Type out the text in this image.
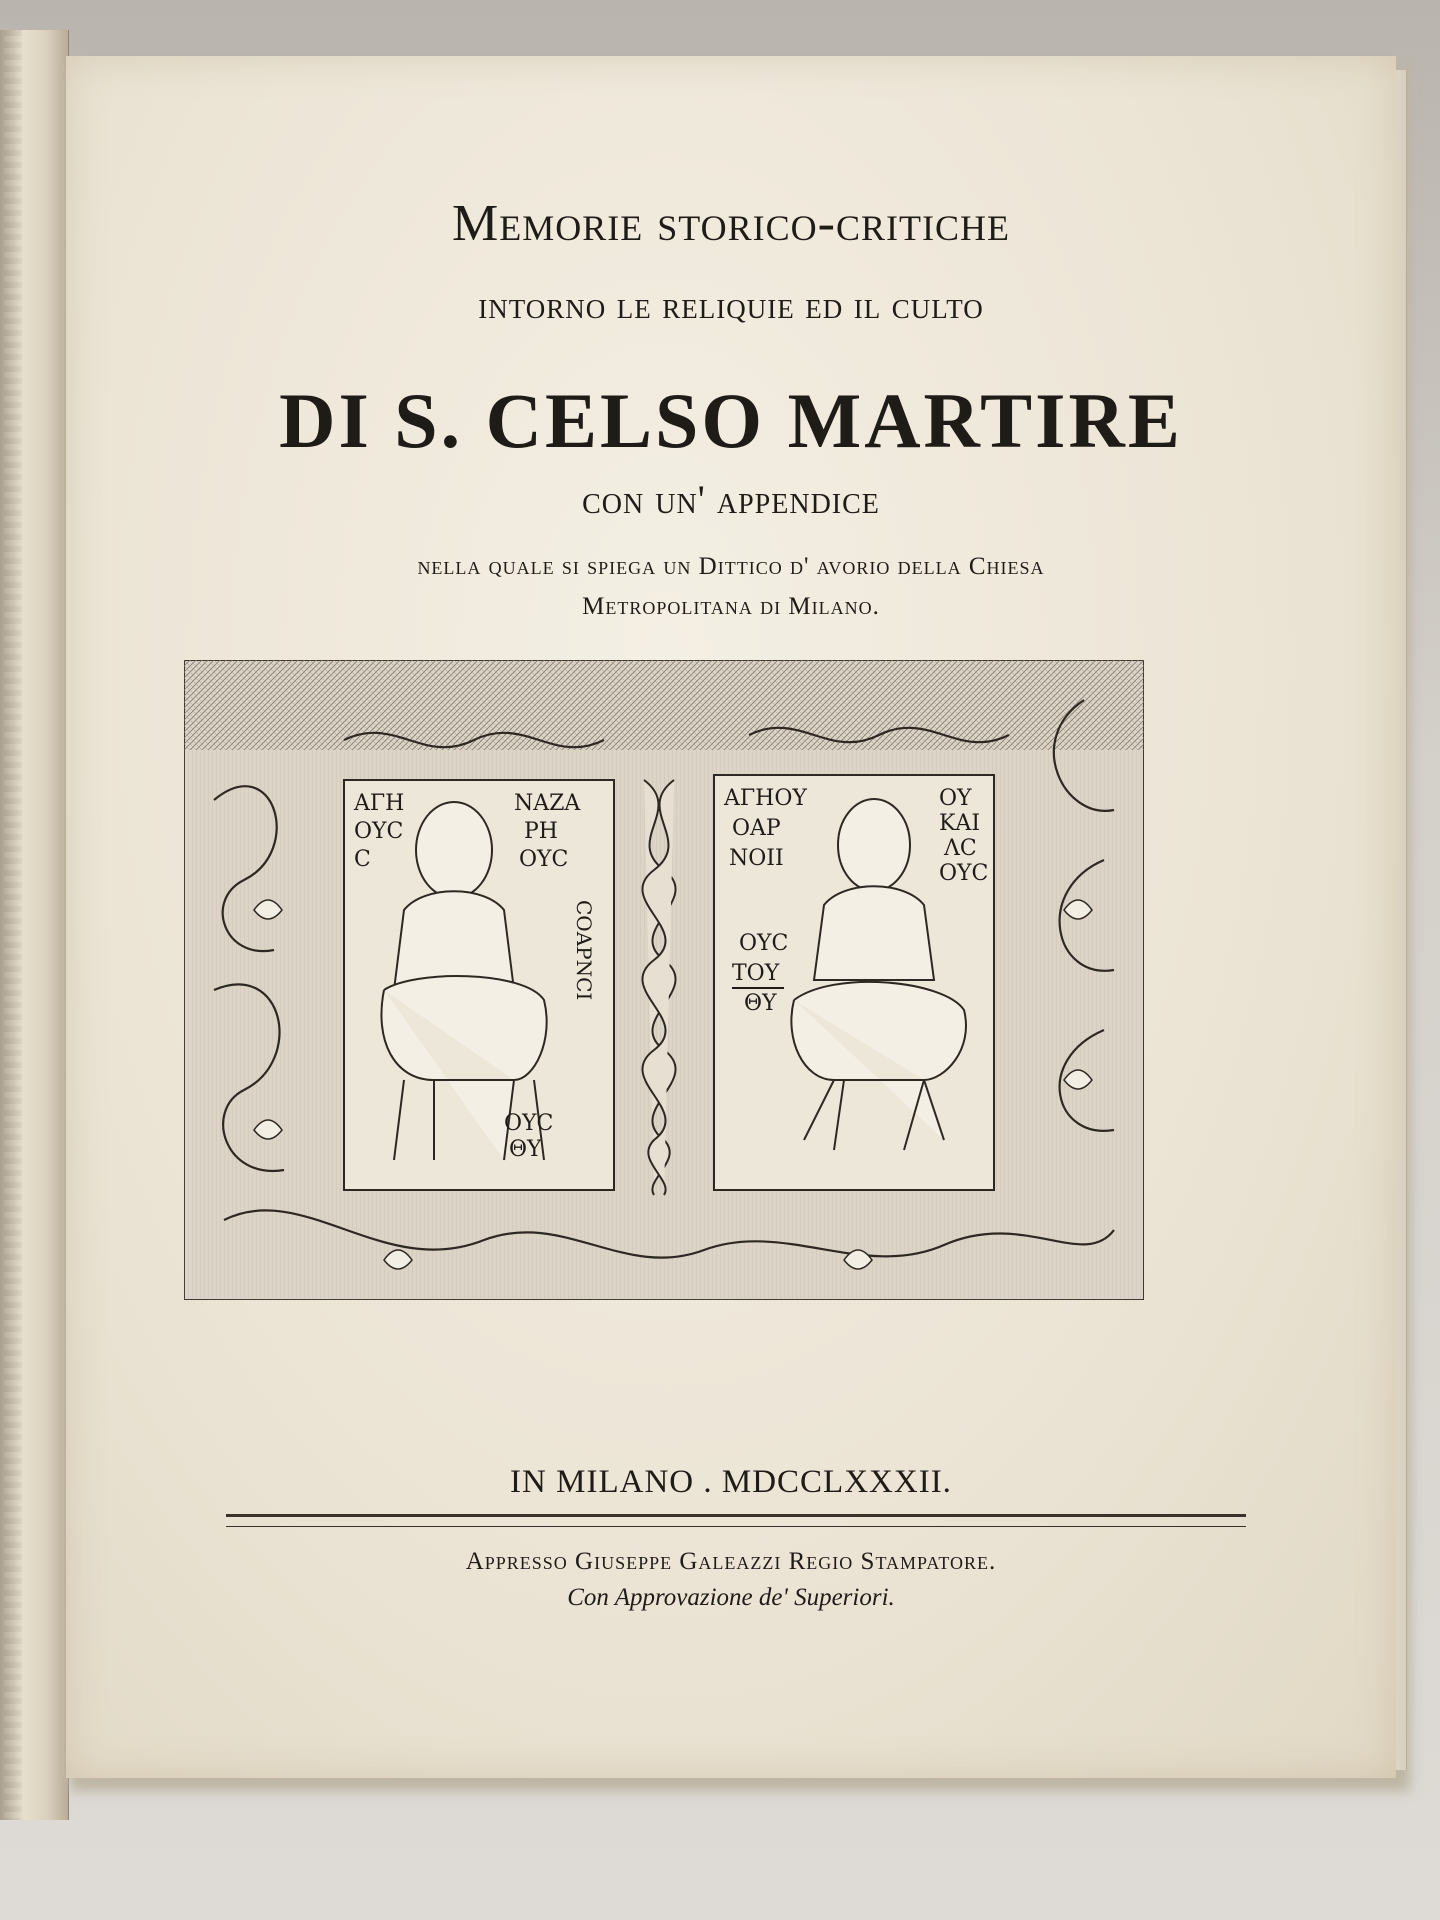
Memorie storico-critiche
intorno le reliquie ed il culto
DI S. CELSO MARTIRE
con un' appendice
nella quale si spiega un Dittico d' avorio della Chiesa
Metropolitana di Milano.
ΑΓΗ
ΟΥC
C
ΝΑΖΑ
ΡΗ
ΟΥC
CΟΑΡΝCΙ
ΟΥC
ΘΥ
ΑΓΗΟΥ
ΟΑΡ
ΝΟΙΙ
ΟΥ
ΚΑΙ
ΛC
ΟΥC
ΟΥC
ΤΟΥ
ΘΥ
IN MILANO . MDCCLXXXII.
Appresso Giuseppe Galeazzi Regio Stampatore.
Con Approvazione de' Superiori.
